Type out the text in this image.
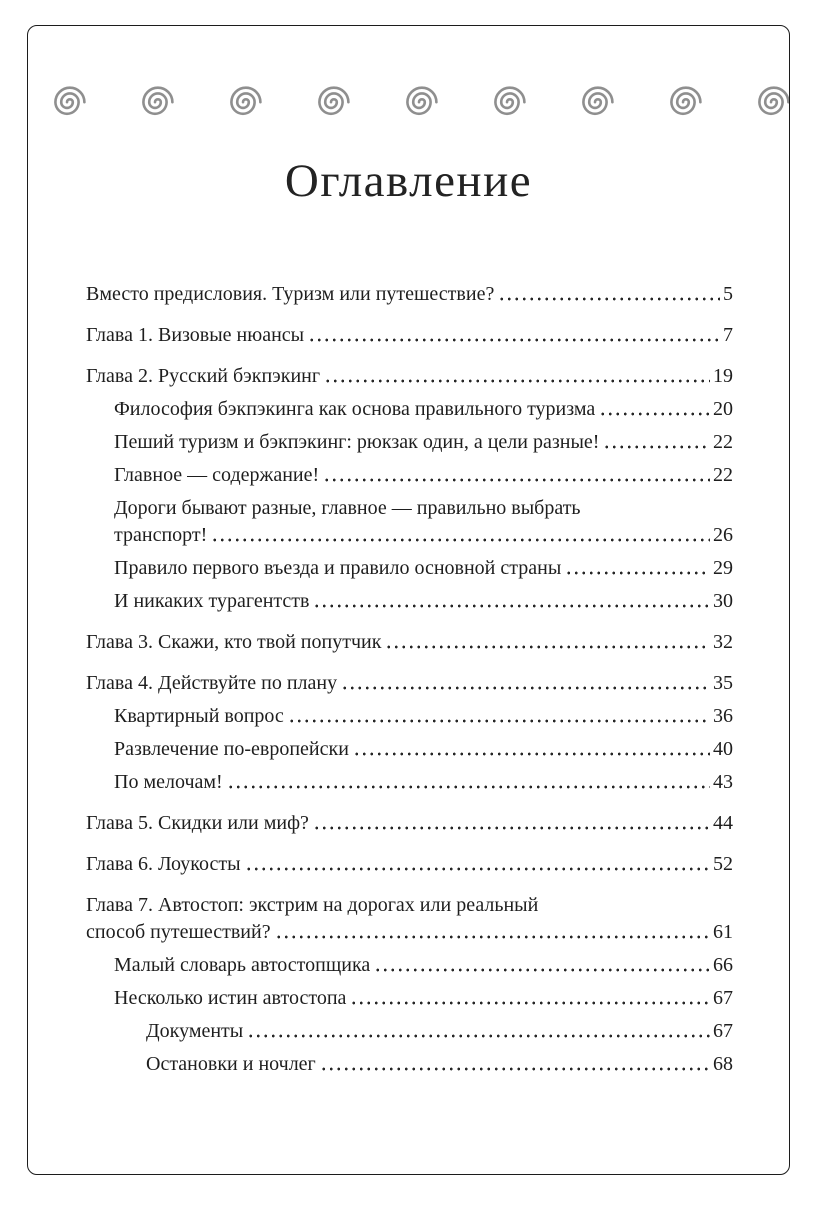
Оглавление
Вместо предисловия. Туризм или путешествие?	5
Глава 1. Визовые нюансы	7
Глава 2. Русский бэкпэкинг	19
Философия бэкпэкинга как основа правильного туризма	20
Пеший туризм и бэкпэкинг: рюкзак один, а цели разные!	22
Главное — содержание!	22
Дороги бывают разные, главное — правильно выбрать
транспорт!	26
Правило первого въезда и правило основной страны	29
И никаких турагентств	30
Глава 3. Скажи, кто твой попутчик	32
Глава 4. Действуйте по плану	35
Квартирный вопрос	36
Развлечение по-европейски	40
По мелочам!	43
Глава 5. Скидки или миф?	44
Глава 6. Лоукосты	52
Глава 7. Автостоп: экстрим на дорогах или реальный
способ путешествий?	61
Малый словарь автостопщика	66
Несколько истин автостопа	67
Документы	67
Остановки и ночлег	68
